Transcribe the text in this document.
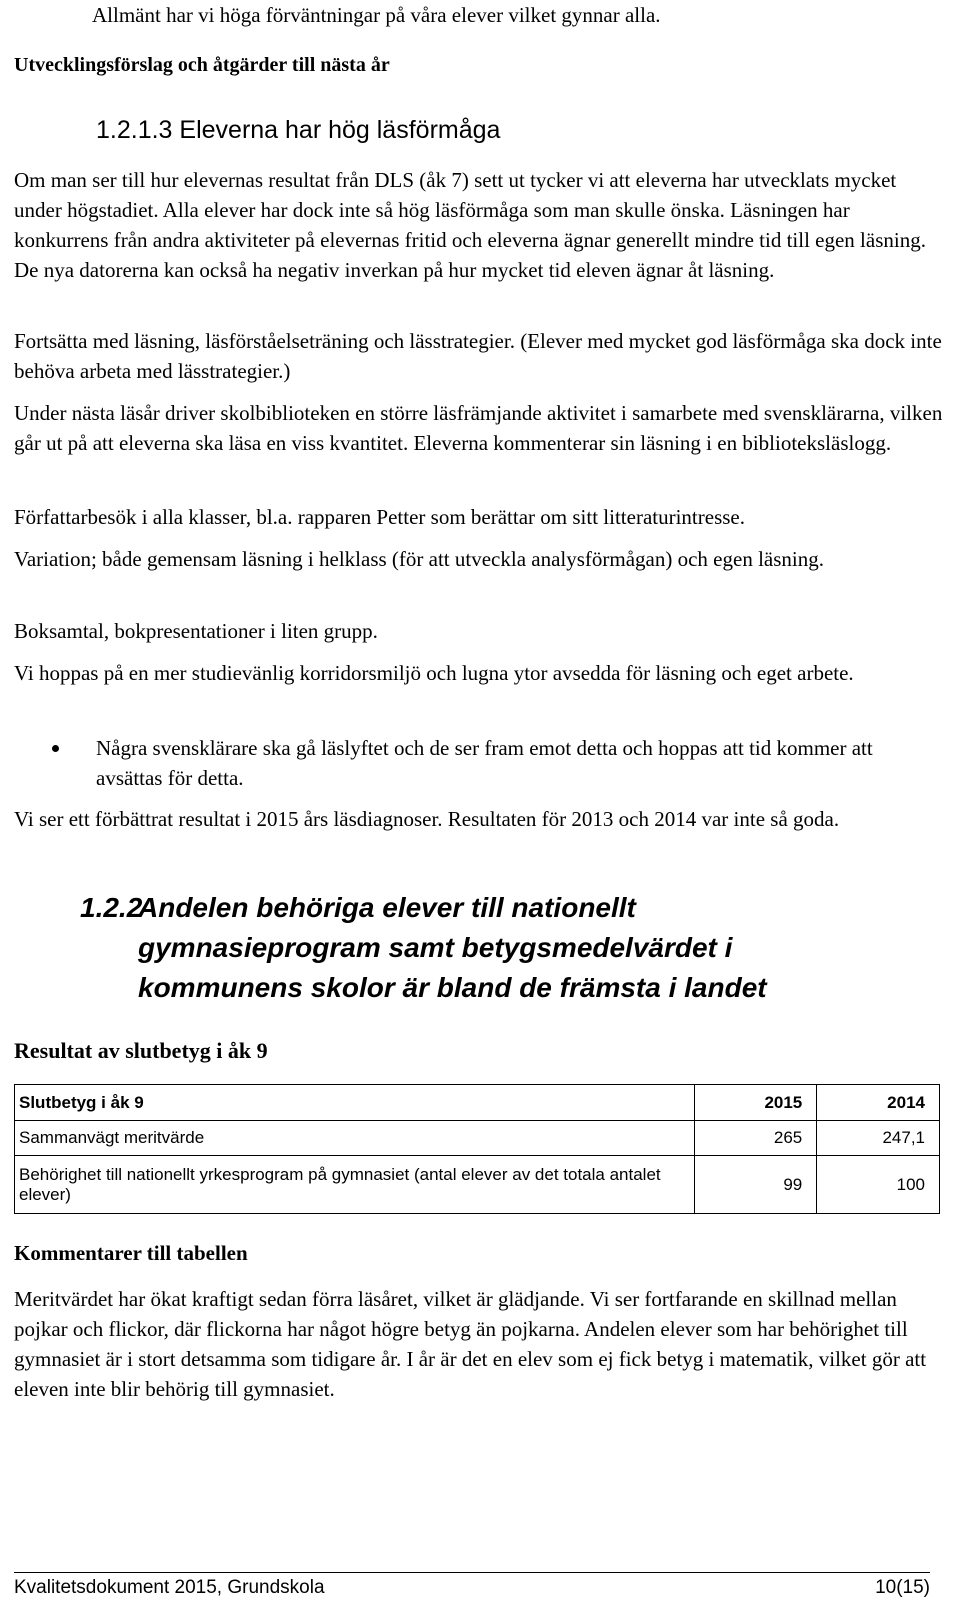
Allmänt har vi höga förväntningar på våra elever vilket gynnar alla.

Utvecklingsförslag och åtgärder till nästa år

1.2.1.3 Eleverna har hög läsförmåga

Om man ser till hur elevernas resultat från DLS (åk 7) sett ut tycker vi att eleverna har utvecklats mycket under högstadiet. Alla elever har dock inte så hög läsförmåga som man skulle önska. Läsningen har konkurrens från andra aktiviteter på elevernas fritid och eleverna ägnar generellt mindre tid till egen läsning. De nya datorerna kan också ha negativ inverkan på hur mycket tid eleven ägnar åt läsning.

Fortsätta med läsning, läsförståelseträning och lässtrategier. (Elever med mycket god läsförmåga ska dock inte behöva arbeta med lässtrategier.)

Under nästa läsår driver skolbiblioteken en större läsfrämjande aktivitet i samarbete med svensklärarna, vilken går ut på att eleverna ska läsa en viss kvantitet. Eleverna kommenterar sin läsning i en biblioteksläslogg.

Författarbesök i alla klasser, bl.a. rapparen Petter som berättar om sitt litteraturintresse.

Variation; både gemensam läsning i helklass (för att utveckla analysförmågan) och egen läsning.

Boksamtal, bokpresentationer i liten grupp.

Vi hoppas på en mer studievänlig korridorsmiljö och lugna ytor avsedda för läsning och eget arbete.

Några svensklärare ska gå läslyftet och de ser fram emot detta och hoppas att tid kommer att avsättas för detta.

Vi ser ett förbättrat resultat i 2015 års läsdiagnoser. Resultaten för 2013 och 2014 var inte så goda.

1.2.2Andelen behöriga elever till nationellt
gymnasieprogram samt betygsmedelvärdet i
kommunens skolor är bland de främsta i landet

Resultat av slutbetyg i åk 9

Slutbetyg i åk 9	2015	2014
Sammanvägt meritvärde	265	247,1
Behörighet till nationellt yrkesprogram på gymnasiet (antal elever av det totala antalet elever)	99	100

Kommentarer till tabellen

Meritvärdet har ökat kraftigt sedan förra läsåret, vilket är glädjande. Vi ser fortfarande en skillnad mellan pojkar och flickor, där flickorna har något högre betyg än pojkarna. Andelen elever som har behörighet till gymnasiet är i stort detsamma som tidigare år. I år är det en elev som ej fick betyg i matematik, vilket gör att eleven inte blir behörig till gymnasiet.

Kvalitetsdokument 2015, Grundskola	10(15)
